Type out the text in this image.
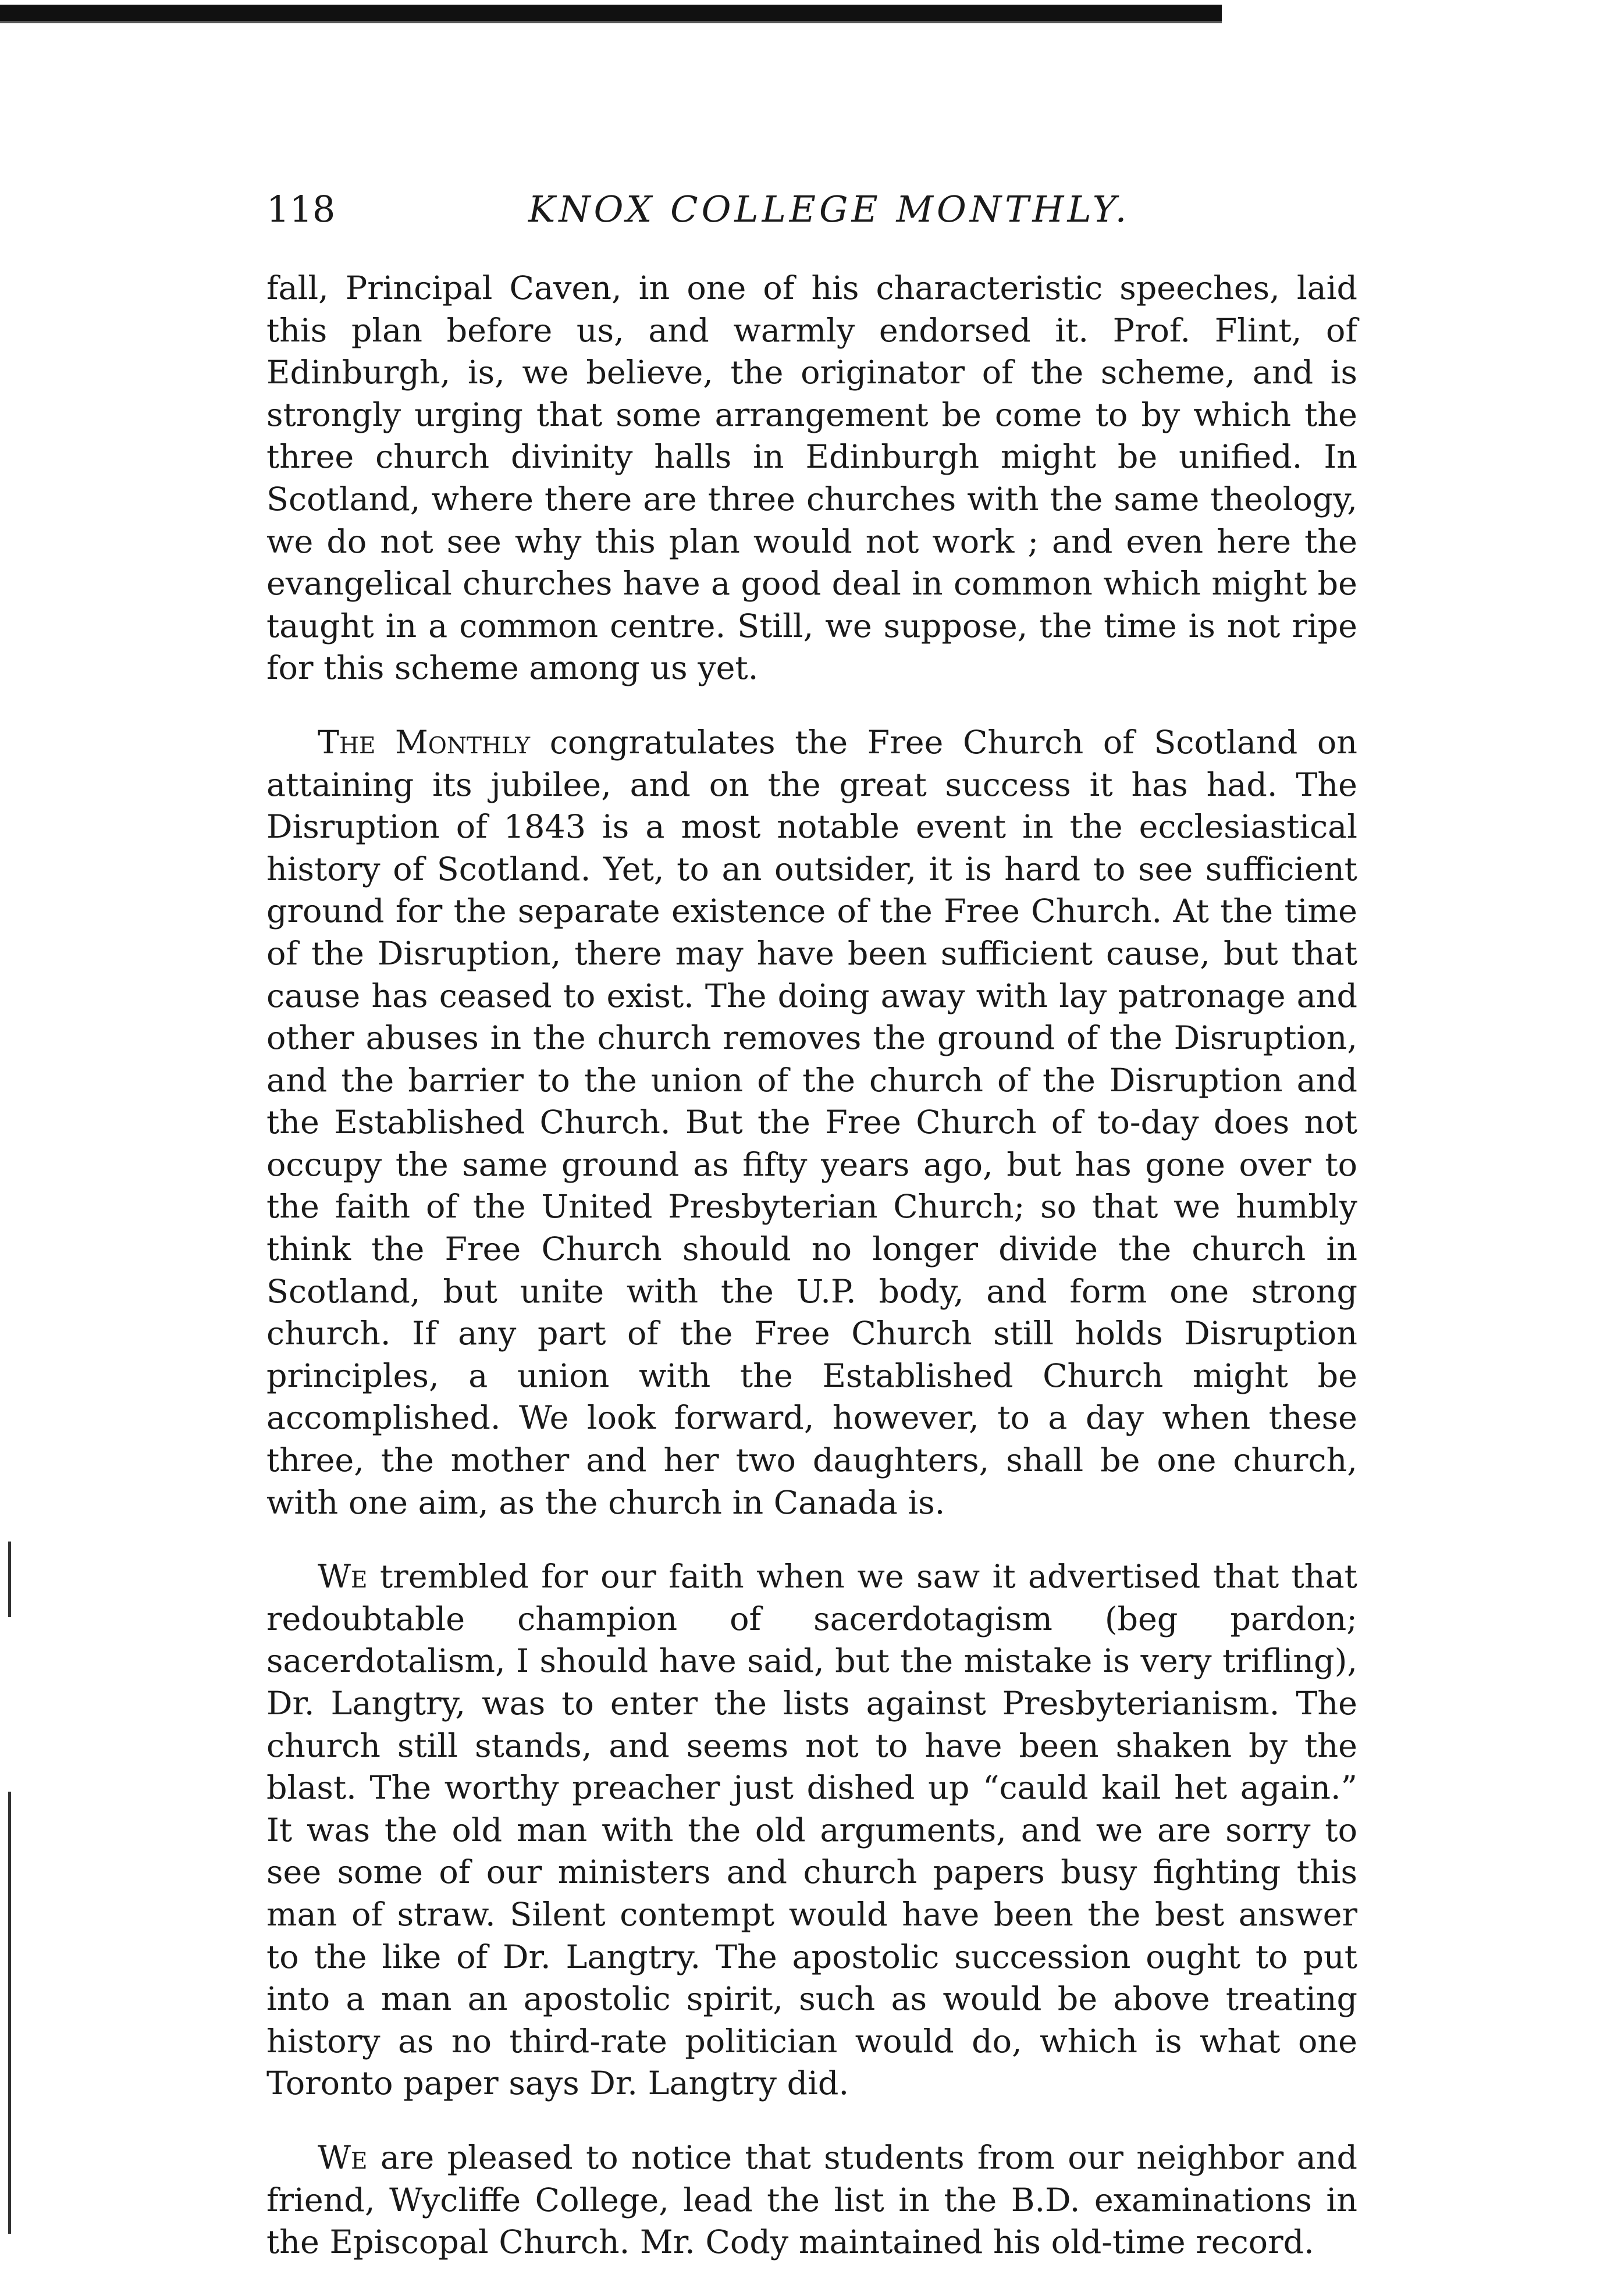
118	KNOX COLLEGE MONTHLY.

fall, Principal Caven, in one of his characteristic speeches, laid this plan before us, and warmly endorsed it. Prof. Flint, of Edinburgh, is, we believe, the originator of the scheme, and is strongly urging that some arrangement be come to by which the three church divinity halls in Edinburgh might be unified. In Scotland, where there are three churches with the same theology, we do not see why this plan would not work ; and even here the evangelical churches have a good deal in common which might be taught in a common centre. Still, we suppose, the time is not ripe for this scheme among us yet.

The Monthly congratulates the Free Church of Scotland on attaining its jubilee, and on the great success it has had. The Disruption of 1843 is a most notable event in the ecclesiastical history of Scotland. Yet, to an outsider, it is hard to see sufficient ground for the separate existence of the Free Church. At the time of the Disruption, there may have been sufficient cause, but that cause has ceased to exist. The doing away with lay patronage and other abuses in the church removes the ground of the Disruption, and the barrier to the union of the church of the Disruption and the Established Church. But the Free Church of to-day does not occupy the same ground as fifty years ago, but has gone over to the faith of the United Presbyterian Church; so that we humbly think the Free Church should no longer divide the church in Scotland, but unite with the U.P. body, and form one strong church. If any part of the Free Church still holds Disruption principles, a union with the Established Church might be accomplished. We look forward, however, to a day when these three, the mother and her two daughters, shall be one church, with one aim, as the church in Canada is.

We trembled for our faith when we saw it advertised that that redoubtable champion of sacerdotagism (beg pardon; sacerdotalism, I should have said, but the mistake is very trifling), Dr. Langtry, was to enter the lists against Presbyterianism. The church still stands, and seems not to have been shaken by the blast. The worthy preacher just dished up “cauld kail het again.” It was the old man with the old arguments, and we are sorry to see some of our ministers and church papers busy fighting this man of straw. Silent contempt would have been the best answer to the like of Dr. Langtry. The apostolic succession ought to put into a man an apostolic spirit, such as would be above treating history as no third-rate politician would do, which is what one Toronto paper says Dr. Langtry did.

We are pleased to notice that students from our neighbor and friend, Wycliffe College, lead the list in the B.D. examinations in the Episcopal Church. Mr. Cody maintained his old-time record.
